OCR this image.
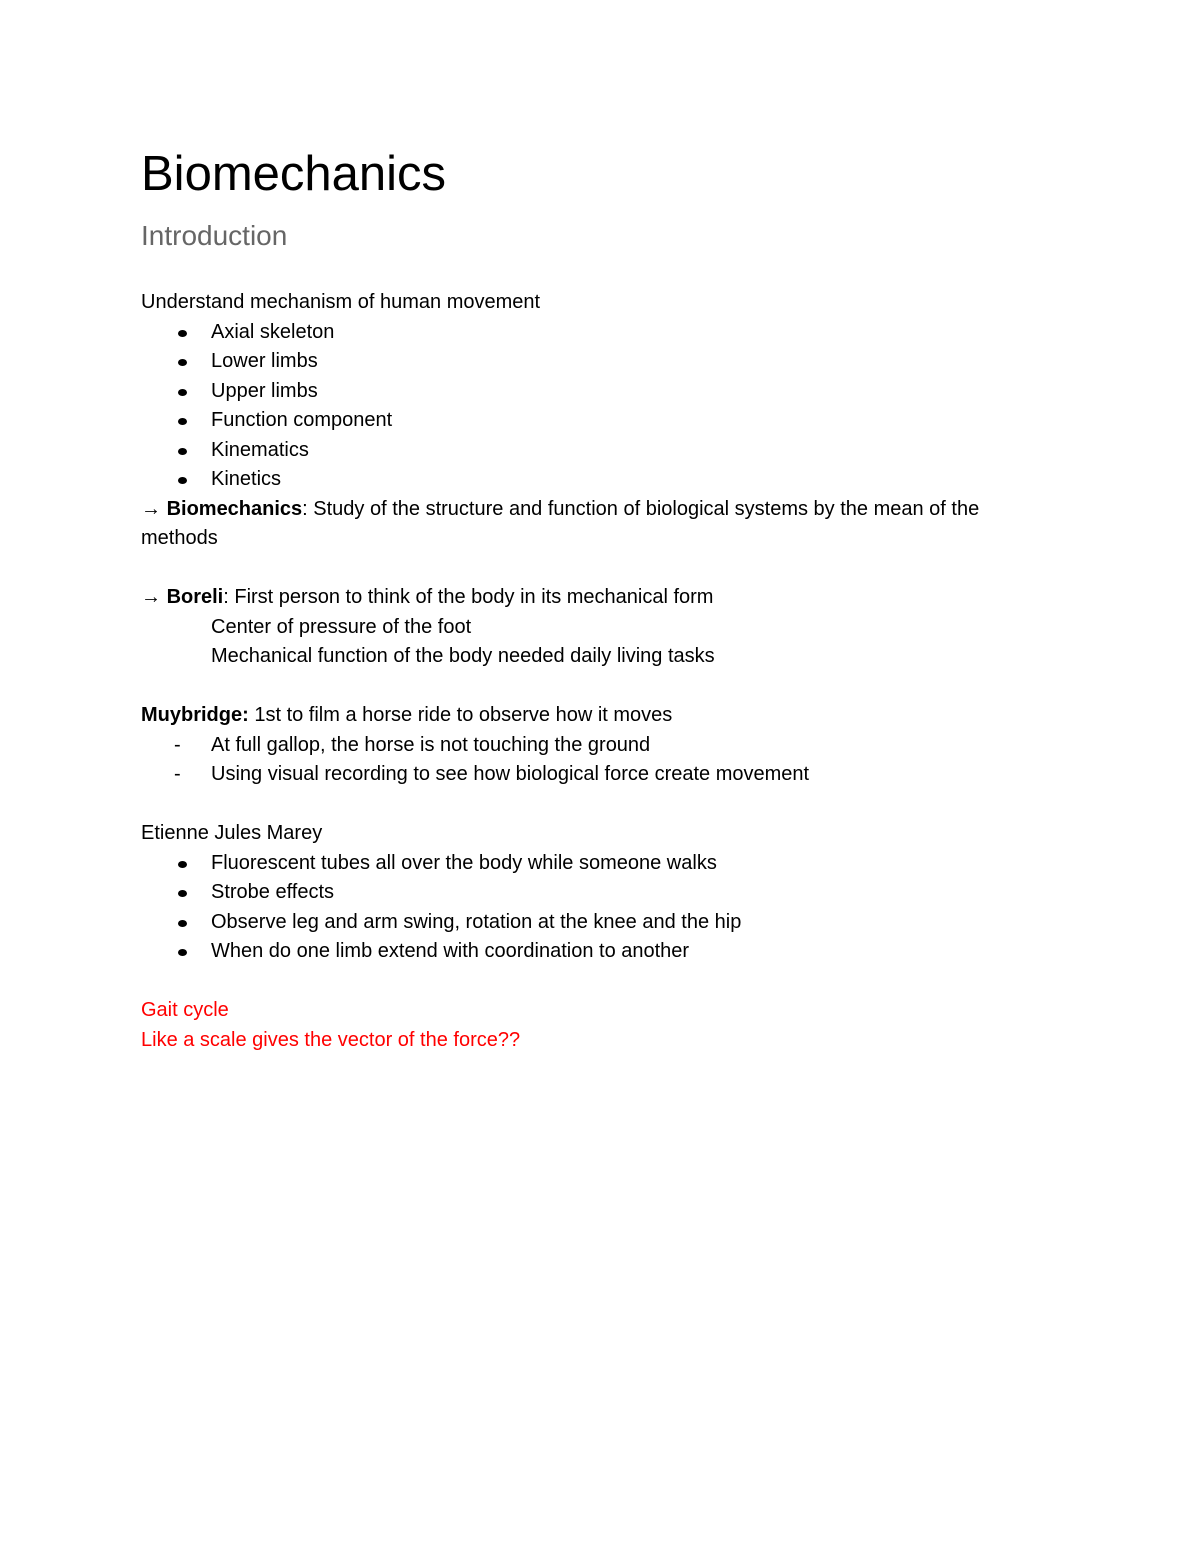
Biomechanics
Introduction

Understand mechanism of human movement

Axial skeleton
Lower limbs
Upper limbs
Function component
Kinematics
Kinetics

→ Biomechanics: Study of the structure and function of biological systems by the mean of the methods

→ Boreli: First person to think of the body in its mechanical form

Center of pressure of the foot

Mechanical function of the body needed daily living tasks

Muybridge: 1st to film a horse ride to observe how it moves

- At full gallop, the horse is not touching the ground
- Using visual recording to see how biological force create movement

Etienne Jules Marey

Fluorescent tubes all over the body while someone walks
Strobe effects
Observe leg and arm swing, rotation at the knee and the hip
When do one limb extend with coordination to another

Gait cycle

Like a scale gives the vector of the force??
